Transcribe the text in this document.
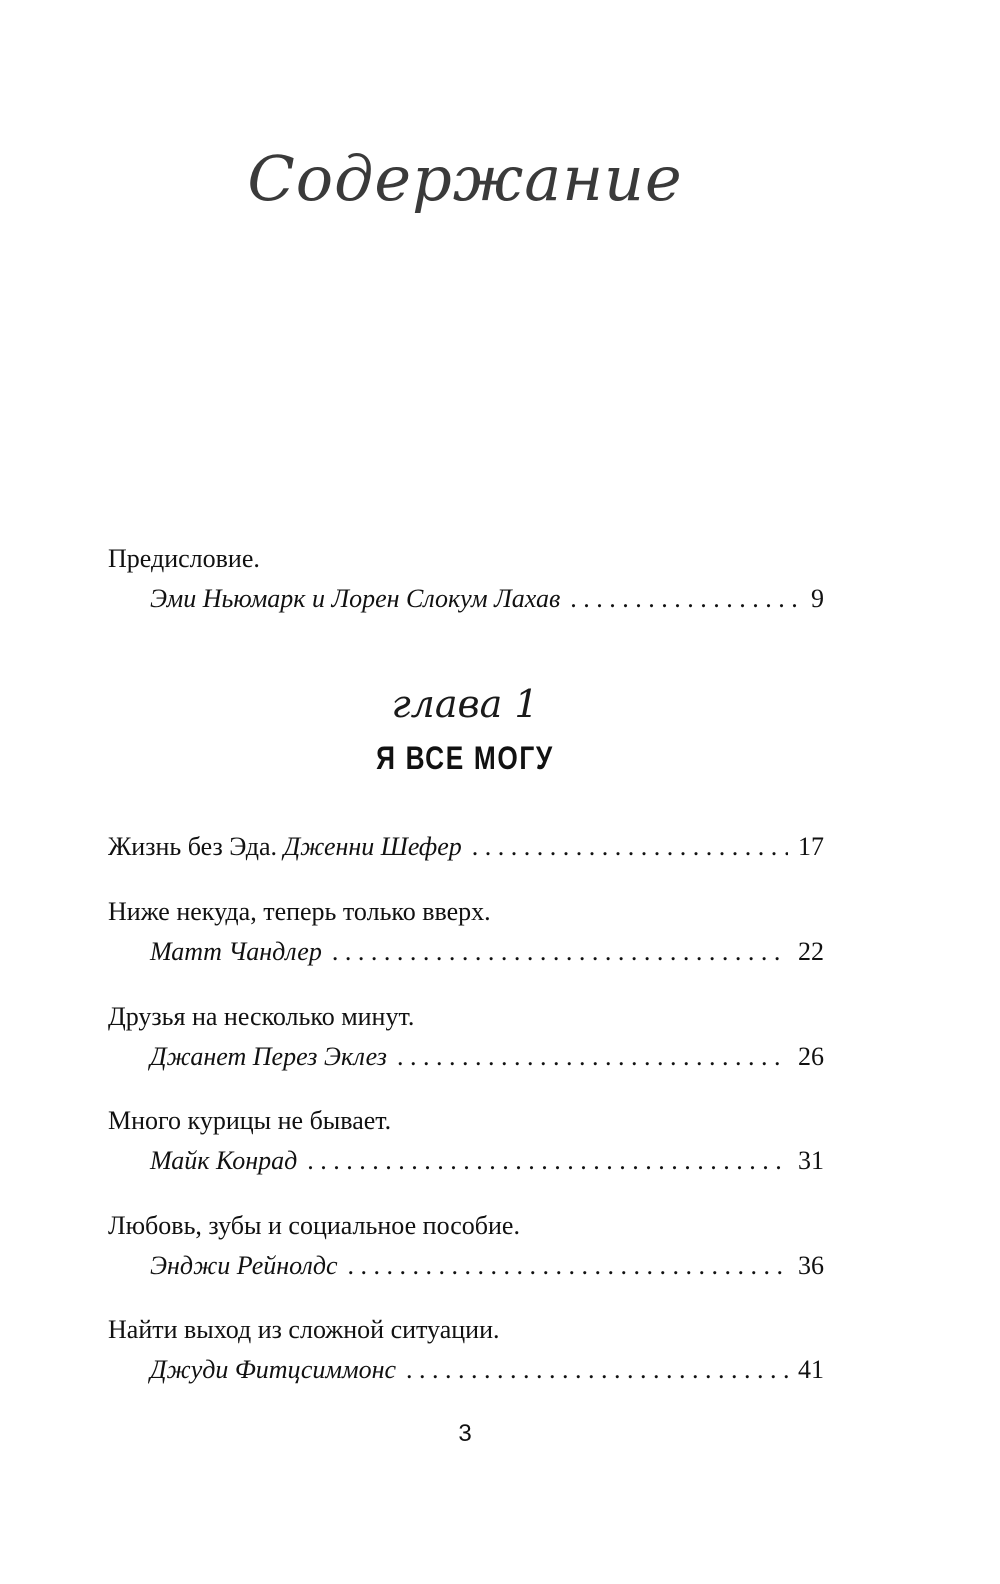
Содержание
Предисловие.
Эми Ньюмарк и Лорен Слокум Лахав . . .	9
глава 1
Я ВСЕ МОГУ
Жизнь без Эда.
Дженни Шефер . . .	17
Ниже некуда, теперь только вверх.
Матт Чандлер . . .	22
Друзья на несколько минут.
Джанет Перез Эклез . . .	26
Много курицы не бывает.
Майк Конрад . . .	31
Любовь, зубы и социальное пособие.
Энджи Рейнолдс . . .	36
Найти выход из сложной ситуации.
Джуди Фитцсиммонс . . .	41
3
